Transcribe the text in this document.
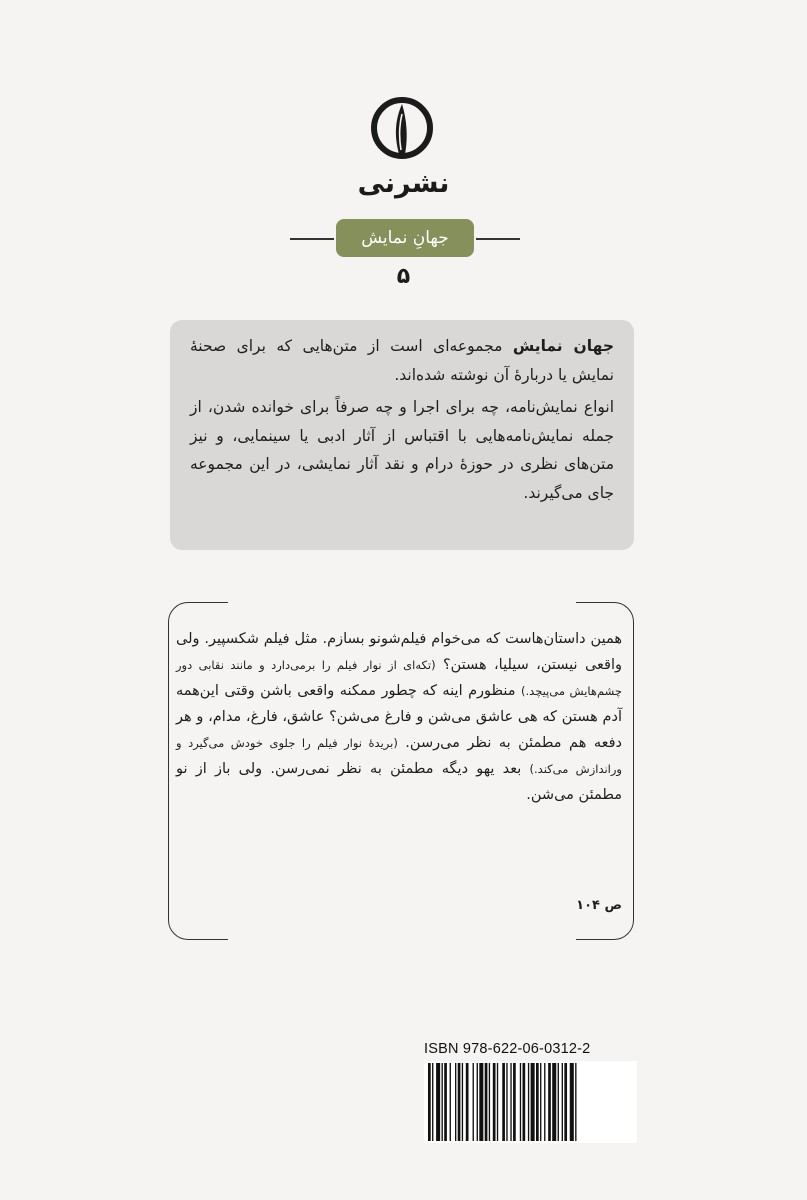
نشرنی
جهانِ نمایش
۵

جهان نمایش مجموعه‌ای است از متن‌هایی که برای صحنهٔ نمایش یا دربارهٔ آن نوشته شده‌اند.

انواع نمایش‌نامه، چه برای اجرا و چه صرفاً برای خوانده شدن، از جمله نمایش‌نامه‌هایی با اقتباس از آثار ادبی یا سینمایی، و نیز متن‌های نظری در حوزهٔ درام و نقد آثار نمایشی، در این مجموعه جای می‌گیرند.

همین داستان‌هاست که می‌خوام فیلم‌شونو بسازم. مثل فیلم شکسپیر. ولی واقعی نیستن، سیلیا، هستن؟ (تکه‌ای از نوار فیلم را برمی‌دارد و مانند نقابی دور چشم‌هایش می‌پیچد.) منظورم اینه که چطور ممکنه واقعی باشن وقتی این‌همه آدم هستن که هی عاشق می‌شن و فارغ می‌شن؟ عاشق، فارغ، مدام، و هر دفعه هم مطمئن به نظر می‌رسن. (بریدهٔ نوار فیلم را جلوی خودش می‌گیرد و وراندازش می‌کند.) بعد یهو دیگه مطمئن به نظر نمی‌رسن. ولی باز از نو مطمئن می‌شن.
ص ۱۰۴
ISBN 978-622-06-0312-2
